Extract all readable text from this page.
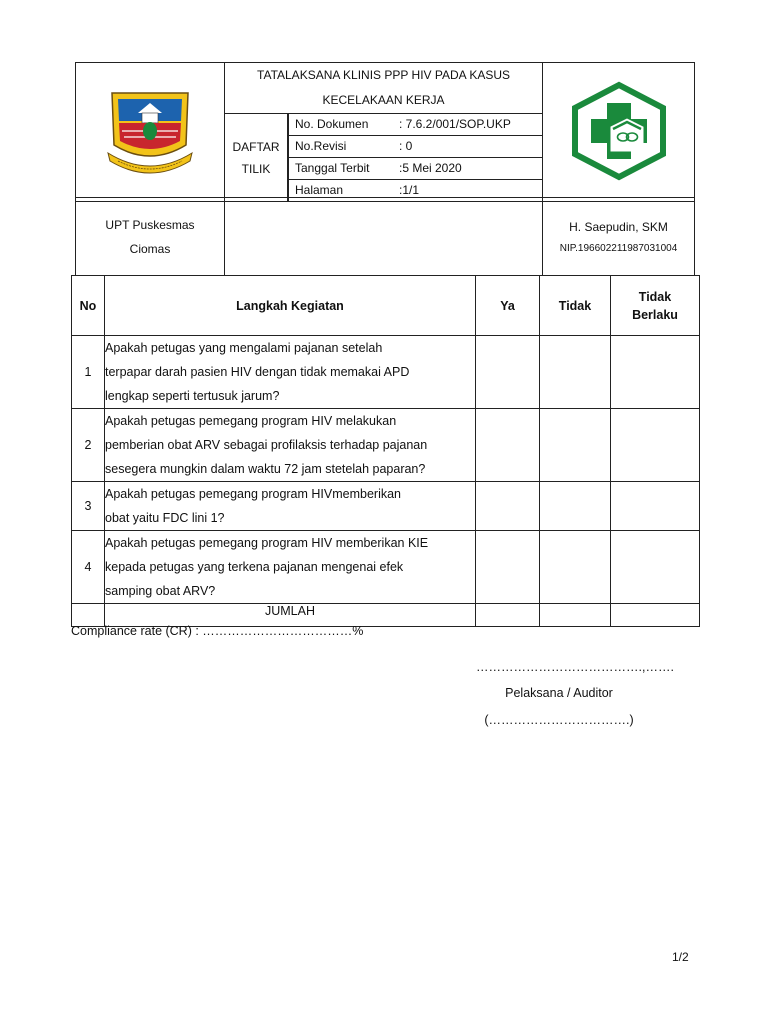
TATALAKSANA KLINIS PPP HIV PADA KASUS
KECELAKAAN KERJA

DAFTAR
TILIK

No. Dokumen	: 7.6.2/001/SOP.UKP
No.Revisi	: 0
Tanggal Terbit :5 Mei 2020
Halaman	:1/1
UPT Puskesmas
Ciomas

H. Saepudin, SKM
NIP.196602211987031004
No	Langkah Kegiatan	Ya	Tidak	Tidak
Berlaku

1	Apakah petugas yang mengalami pajanan setelah
terpapar darah pasien HIV dengan tidak memakai APD
lengkap seperti tertusuk jarum?			

2	Apakah petugas pemegang program HIV melakukan
pemberian obat ARV sebagai profilaksis terhadap pajanan
sesegera mungkin dalam waktu 72 jam stetelah paparan?			

3	Apakah petugas pemegang program HIVmemberikan
obat yaitu FDC lini 1?			

4	Apakah petugas pemegang program HIV memberikan KIE
kepada petugas yang terkena pajanan mengenai efek
samping obat ARV?			

	JUMLAH			
Compliance rate (CR) : ………………………………%
………………………………….,…….
Pelaksana / Auditor
(…………………………….)
1/2
